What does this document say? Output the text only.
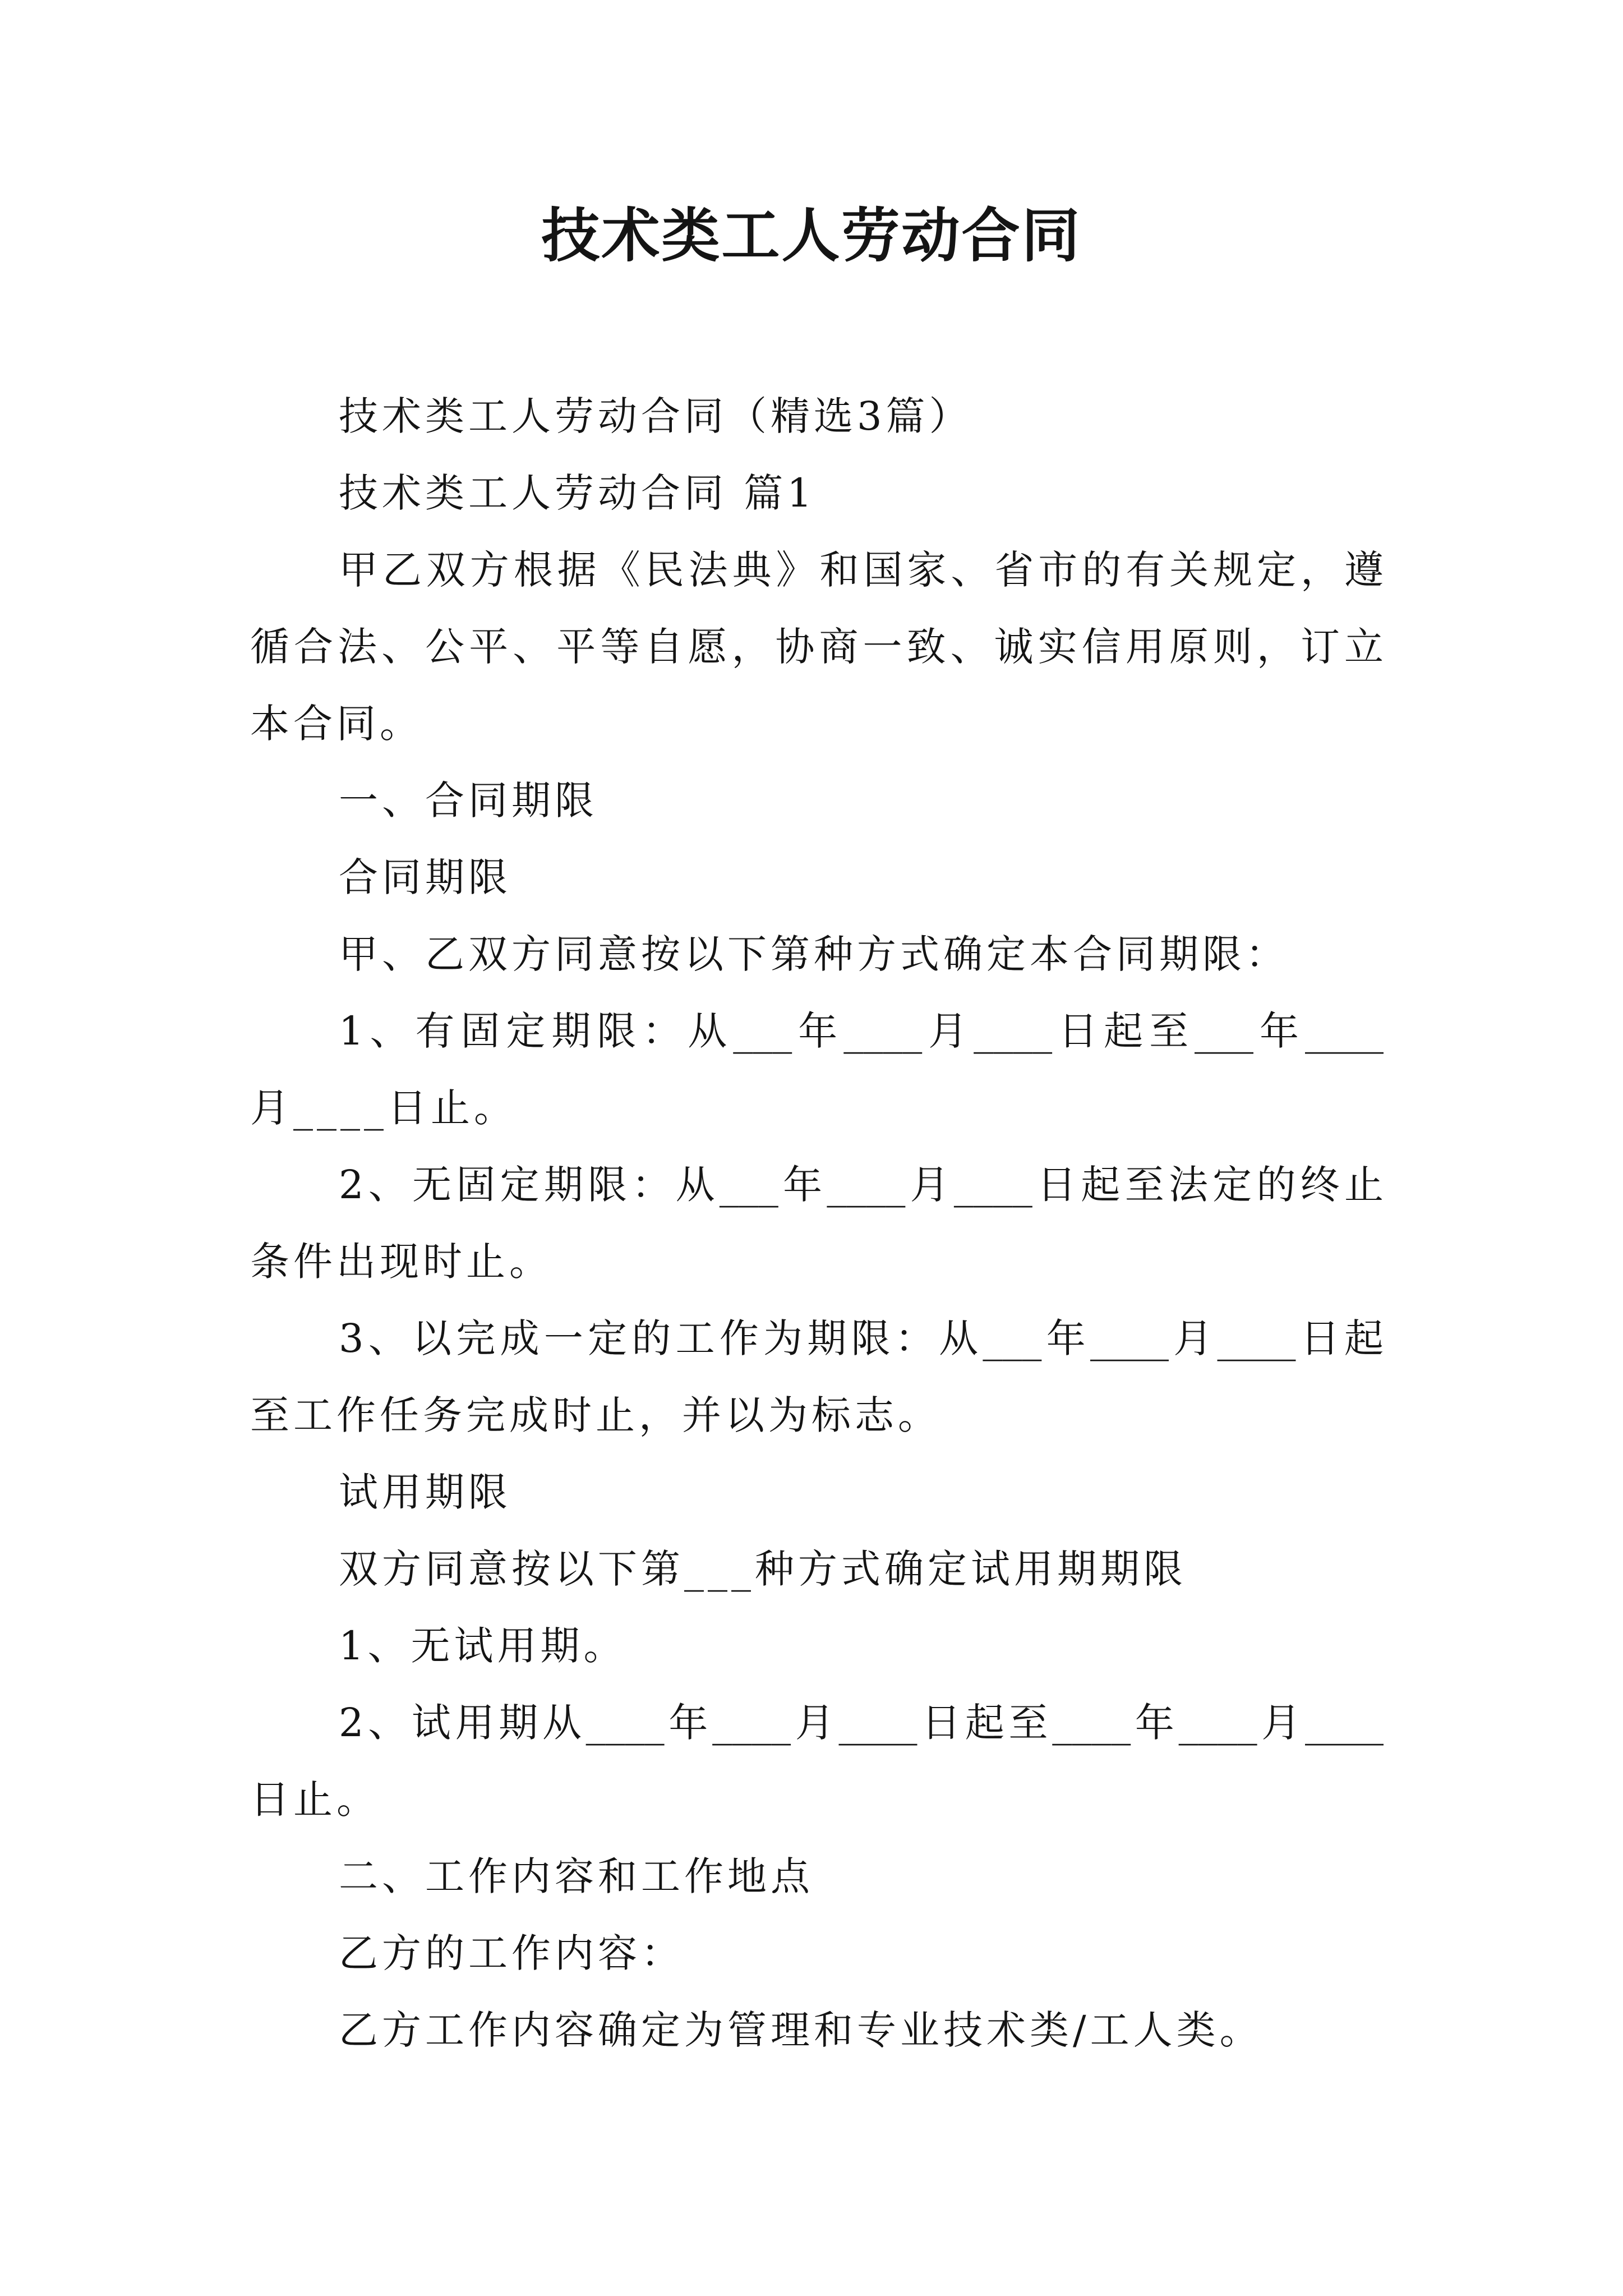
技术类工人劳动合同
技术类工人劳动合同（精选3篇）
技术类工人劳动合同 篇1
甲乙双方根据《民法典》和国家、省市的有关规定，遵
循合法、公平、平等自愿，协商一致、诚实信用原则，订立
本合同。
一、合同期限
合同期限
甲、乙双方同意按以下第种方式确定本合同期限：
1、有固定期限：从___年____月____日起至___年____
月____日止。
2、无固定期限：从___年____月____日起至法定的终止
条件出现时止。
3、以完成一定的工作为期限：从___年____月____日起
至工作任务完成时止，并以为标志。
试用期限
双方同意按以下第___种方式确定试用期期限
1、无试用期。
2、试用期从____年____月____日起至____年____月____
日止。
二、工作内容和工作地点
乙方的工作内容：
乙方工作内容确定为管理和专业技术类/工人类。
